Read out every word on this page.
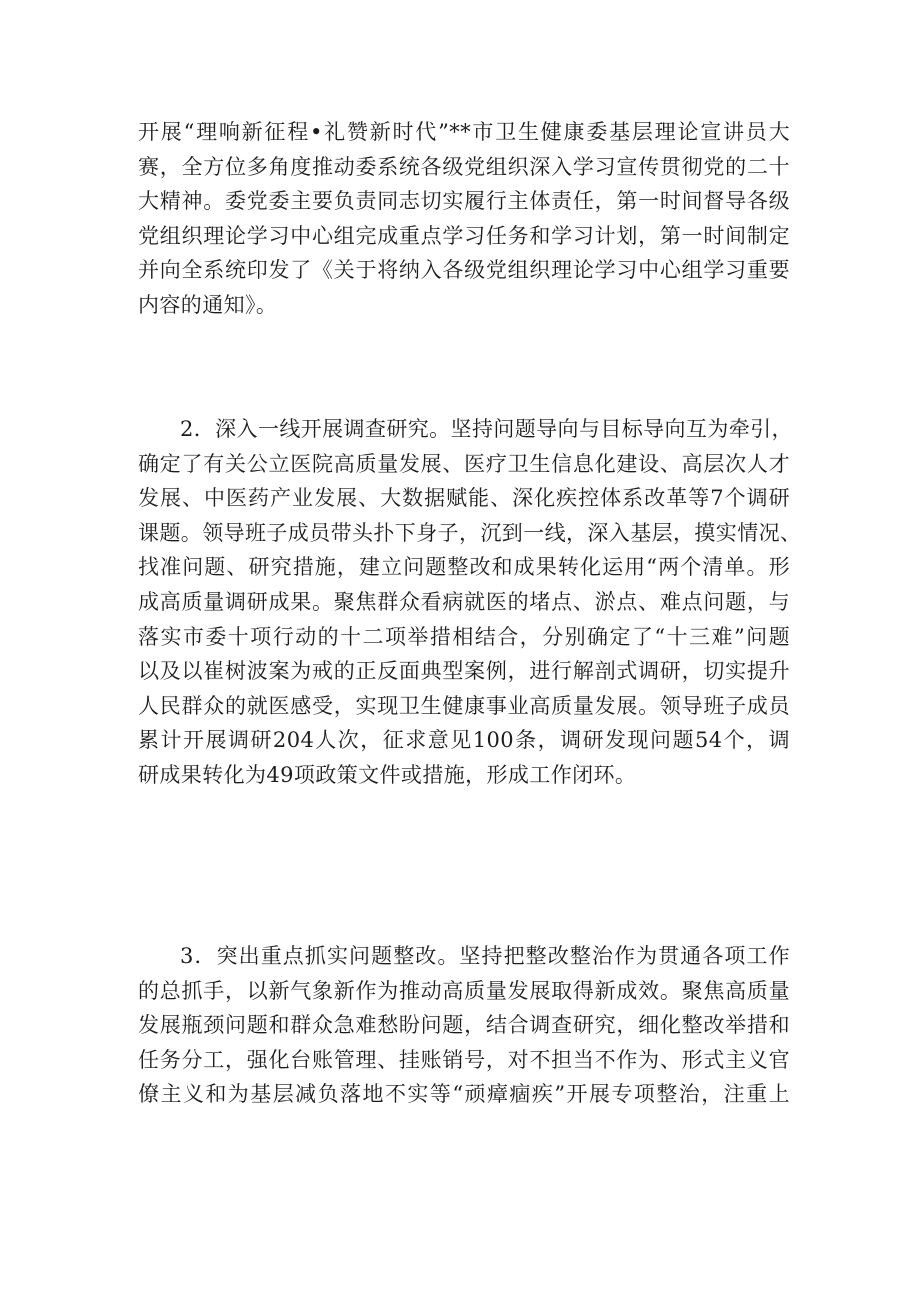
开展“理响新征程•礼赞新时代”**市卫生健康委基层理论宣讲员大
赛，全方位多角度推动委系统各级党组织深入学习宣传贯彻党的二十
大精神。委党委主要负责同志切实履行主体责任，第一时间督导各级
党组织理论学习中心组完成重点学习任务和学习计划，第一时间制定
并向全系统印发了《关于将纳入各级党组织理论学习中心组学习重要
内容的通知》。
2．深入一线开展调查研究。坚持问题导向与目标导向互为牵引，
确定了有关公立医院高质量发展、医疗卫生信息化建设、高层次人才
发展、中医药产业发展、大数据赋能、深化疾控体系改革等7个调研
课题。领导班子成员带头扑下身子，沉到一线，深入基层，摸实情况、
找准问题、研究措施，建立问题整改和成果转化运用“两个清单。形
成高质量调研成果。聚焦群众看病就医的堵点、淤点、难点问题，与
落实市委十项行动的十二项举措相结合，分别确定了“十三难”问题
以及以崔树波案为戒的正反面典型案例，进行解剖式调研，切实提升
人民群众的就医感受，实现卫生健康事业高质量发展。领导班子成员
累计开展调研204人次，征求意见100条，调研发现问题54个，调
研成果转化为49项政策文件或措施，形成工作闭环。
3．突出重点抓实问题整改。坚持把整改整治作为贯通各项工作
的总抓手，以新气象新作为推动高质量发展取得新成效。聚焦高质量
发展瓶颈问题和群众急难愁盼问题，结合调查研究，细化整改举措和
任务分工，强化台账管理、挂账销号，对不担当不作为、形式主义官
僚主义和为基层减负落地不实等“顽瘴痼疾”开展专项整治，注重上
